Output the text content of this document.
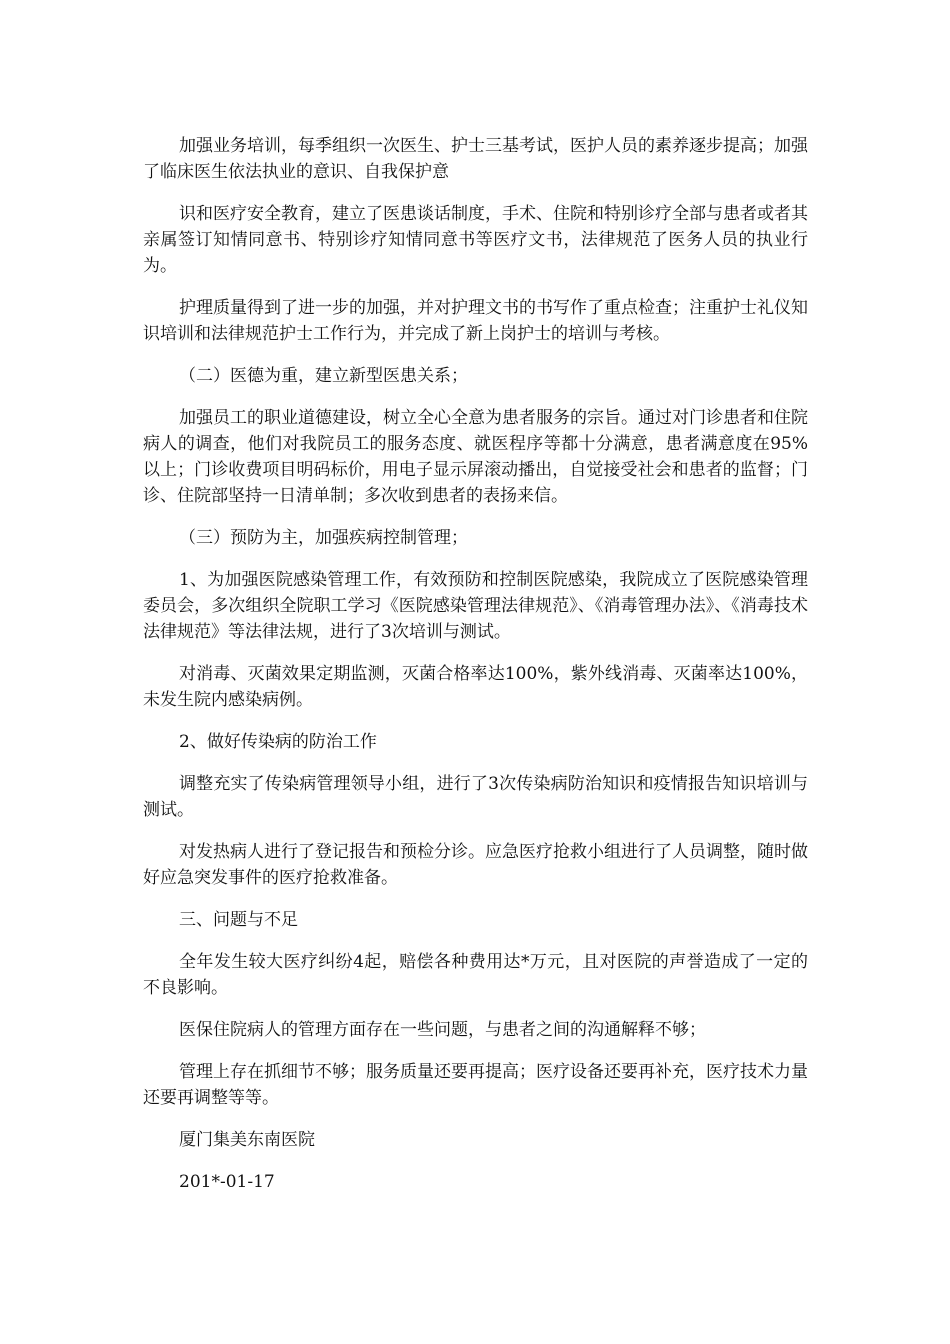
加强业务培训，每季组织一次医生、护士三基考试，医护人员的素养逐步提高；加强了临床医生依法执业的意识、自我保护意

识和医疗安全教育，建立了医患谈话制度，手术、住院和特别诊疗全部与患者或者其亲属签订知情同意书、特别诊疗知情同意书等医疗文书，法律规范了医务人员的执业行为。

护理质量得到了进一步的加强，并对护理文书的书写作了重点检查；注重护士礼仪知识培训和法律规范护士工作行为，并完成了新上岗护士的培训与考核。

（二）医德为重，建立新型医患关系；

加强员工的职业道德建设，树立全心全意为患者服务的宗旨。通过对门诊患者和住院病人的调查，他们对我院员工的服务态度、就医程序等都十分满意，患者满意度在95%以上；门诊收费项目明码标价，用电子显示屏滚动播出，自觉接受社会和患者的监督；门诊、住院部坚持一日清单制；多次收到患者的表扬来信。

（三）预防为主，加强疾病控制管理；

1、为加强医院感染管理工作，有效预防和控制医院感染，我院成立了医院感染管理委员会，多次组织全院职工学习《医院感染管理法律规范》、《消毒管理办法》、《消毒技术法律规范》等法律法规，进行了3次培训与测试。

对消毒、灭菌效果定期监测，灭菌合格率达100%，紫外线消毒、灭菌率达100%，未发生院内感染病例。

2、做好传染病的防治工作

调整充实了传染病管理领导小组，进行了3次传染病防治知识和疫情报告知识培训与测试。

对发热病人进行了登记报告和预检分诊。应急医疗抢救小组进行了人员调整，随时做好应急突发事件的医疗抢救准备。

三、问题与不足

全年发生较大医疗纠纷4起，赔偿各种费用达*万元，且对医院的声誉造成了一定的不良影响。

医保住院病人的管理方面存在一些问题，与患者之间的沟通解释不够；

管理上存在抓细节不够；服务质量还要再提高；医疗设备还要再补充，医疗技术力量还要再调整等等。

厦门集美东南医院

201*-01-17
